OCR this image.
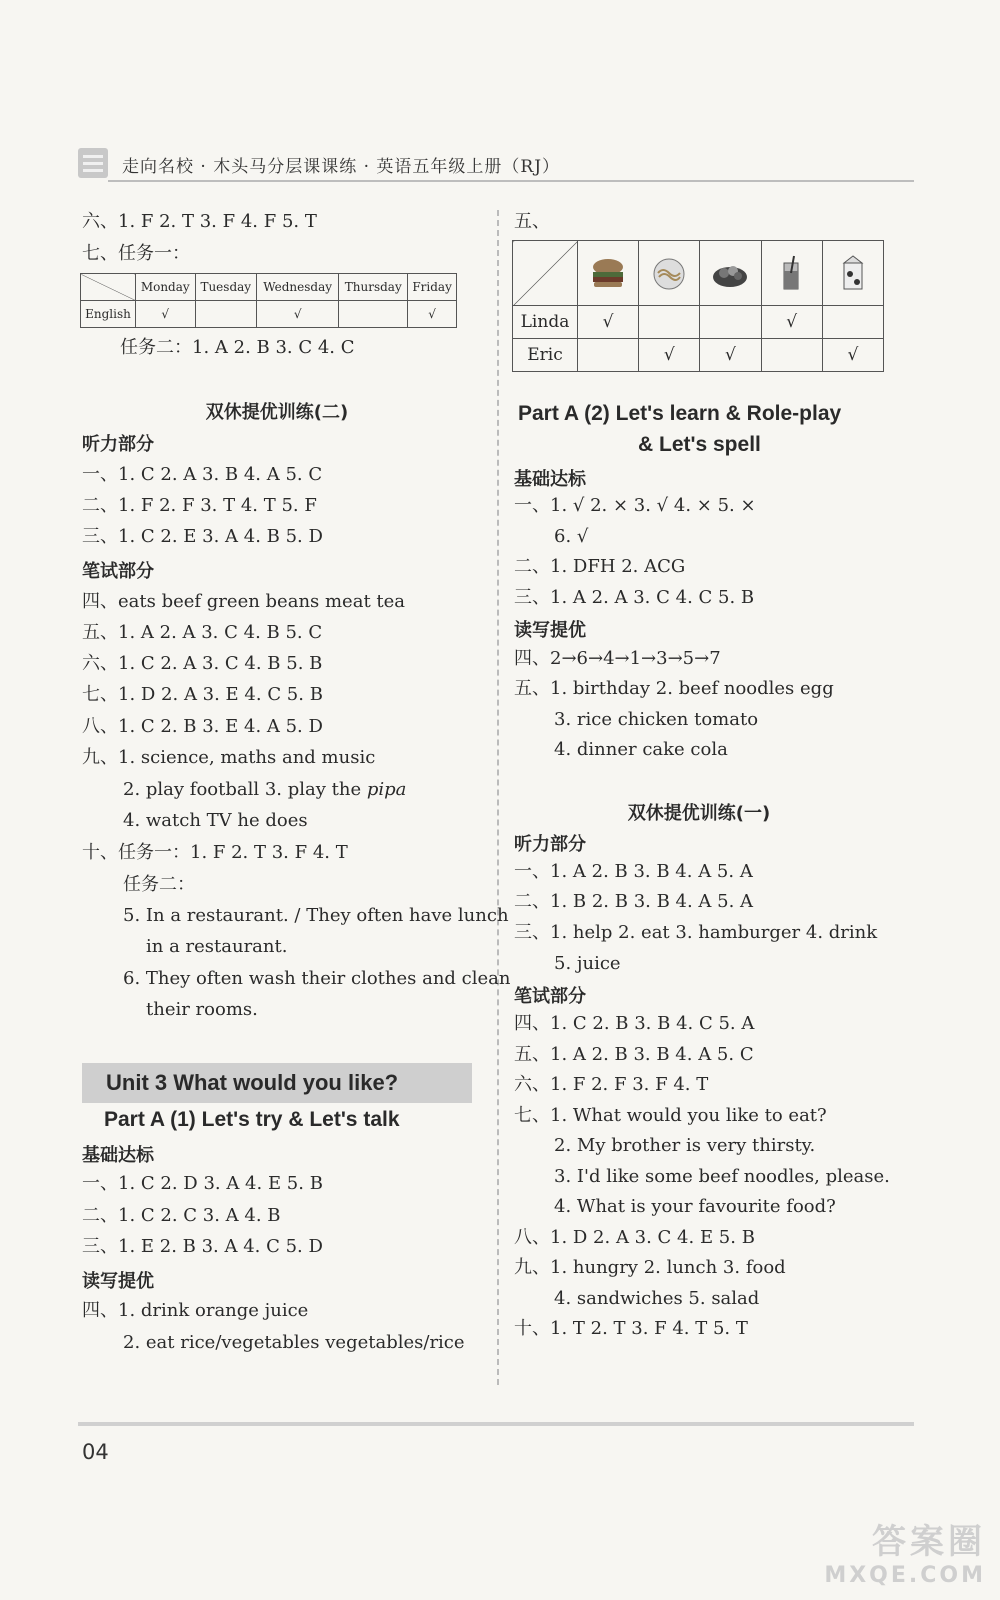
走向名校 · 木头马分层课课练 · 英语五年级上册（RJ）
六、1. F 2. T 3. F 4. F 5. T
七、任务一：
	Monday	Tuesday	Wednesday	Thursday	Friday
English	√		√		√
任务二：1. A 2. B 3. C 4. C
双休提优训练(二)
听力部分
一、1. C 2. A 3. B 4. A 5. C
二、1. F 2. F 3. T 4. T 5. F
三、1. C 2. E 3. A 4. B 5. D
笔试部分
四、eats beef green beans meat tea
五、1. A 2. A 3. C 4. B 5. C
六、1. C 2. A 3. C 4. B 5. B
七、1. D 2. A 3. E 4. C 5. B
八、1. C 2. B 3. E 4. A 5. D
九、1. science, maths and music
2. play football 3. play the pipa
4. watch TV he does
十、任务一：1. F 2. T 3. F 4. T
任务二：
5. In a restaurant. / They often have lunch
in a restaurant.
6. They often wash their clothes and clean
their rooms.
Unit 3 What would you like?
Part A (1) Let's try & Let's talk
基础达标
一、1. C 2. D 3. A 4. E 5. B
二、1. C 2. C 3. A 4. B
三、1. E 2. B 3. A 4. C 5. D
读写提优
四、1. drink orange juice
2. eat rice/vegetables vegetables/rice
五、

Linda	√			√	
Eric		√	√		√
Part A (2) Let's learn & Role-play
& Let's spell
基础达标
一、1. √ 2. × 3. √ 4. × 5. ×
6. √
二、1. DFH 2. ACG
三、1. A 2. A 3. C 4. C 5. B
读写提优
四、2→6→4→1→3→5→7
五、1. birthday 2. beef noodles egg
3. rice chicken tomato
4. dinner cake cola
双休提优训练(一)
听力部分
一、1. A 2. B 3. B 4. A 5. A
二、1. B 2. B 3. B 4. A 5. A
三、1. help 2. eat 3. hamburger 4. drink
5. juice
笔试部分
四、1. C 2. B 3. B 4. C 5. A
五、1. A 2. B 3. B 4. A 5. C
六、1. F 2. F 3. F 4. T
七、1. What would you like to eat?
2. My brother is very thirsty.
3. I'd like some beef noodles, please.
4. What is your favourite food?
八、1. D 2. A 3. C 4. E 5. B
九、1. hungry 2. lunch 3. food
4. sandwiches 5. salad
十、1. T 2. T 3. F 4. T 5. T
04
答案圈
MXQE.COM
